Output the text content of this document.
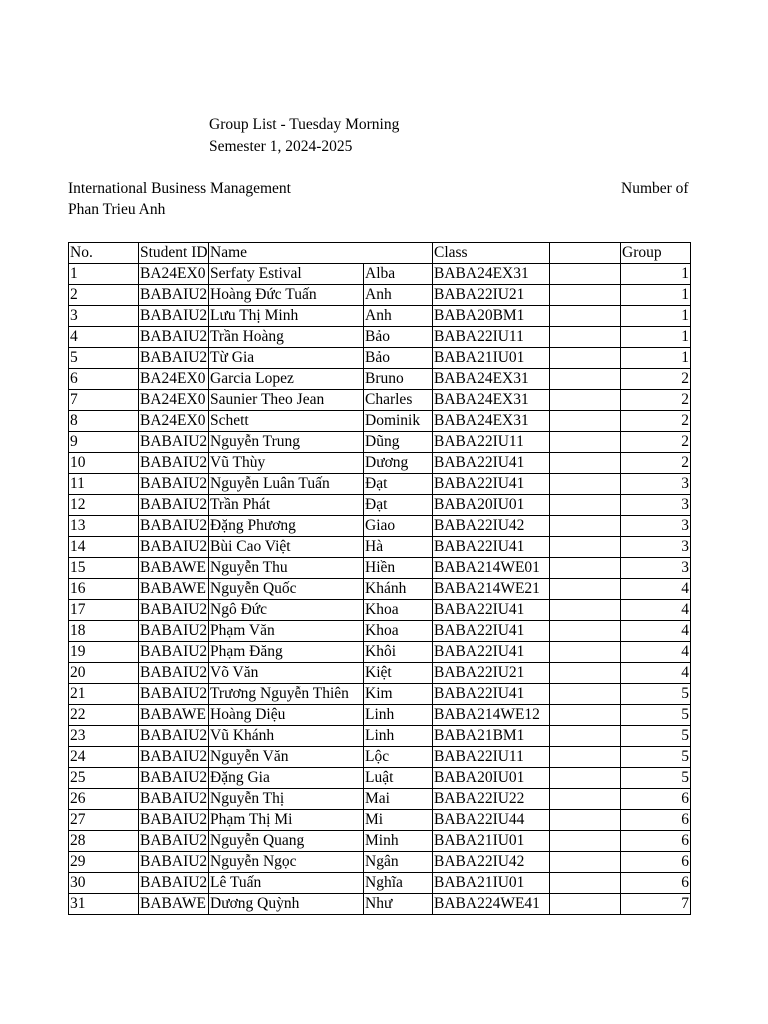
Group List - Tuesday Morning
Semester 1, 2024-2025
International Business Management
Phan Trieu Anh
Number of
No.	Student ID	Name		Class		Group
1	BA24EX0	Serfaty Estival	Alba	BABA24EX31		1
2	BABAIU2	Hoàng Đức Tuấn	Anh	BABA22IU21		1
3	BABAIU2	Lưu Thị Minh	Anh	BABA20BM1		1
4	BABAIU2	Trần Hoàng	Bảo	BABA22IU11		1
5	BABAIU2	Từ Gia	Bảo	BABA21IU01		1
6	BA24EX0	Garcia Lopez	Bruno	BABA24EX31		2
7	BA24EX0	Saunier Theo Jean	Charles	BABA24EX31		2
8	BA24EX0	Schett	Dominik	BABA24EX31		2
9	BABAIU2	Nguyễn Trung	Dũng	BABA22IU11		2
10	BABAIU2	Vũ Thùy	Dương	BABA22IU41		2
11	BABAIU2	Nguyễn Luân Tuấn	Đạt	BABA22IU41		3
12	BABAIU2	Trần Phát	Đạt	BABA20IU01		3
13	BABAIU2	Đặng Phương	Giao	BABA22IU42		3
14	BABAIU2	Bùi Cao Việt	Hà	BABA22IU41		3
15	BABAWE	Nguyễn Thu	Hiền	BABA214WE01		3
16	BABAWE	Nguyễn Quốc	Khánh	BABA214WE21		4
17	BABAIU2	Ngô Đức	Khoa	BABA22IU41		4
18	BABAIU2	Phạm Văn	Khoa	BABA22IU41		4
19	BABAIU2	Phạm Đăng	Khôi	BABA22IU41		4
20	BABAIU2	Võ Văn	Kiệt	BABA22IU21		4
21	BABAIU2	Trương Nguyễn Thiên	Kim	BABA22IU41		5
22	BABAWE	Hoàng Diệu	Linh	BABA214WE12		5
23	BABAIU2	Vũ Khánh	Linh	BABA21BM1		5
24	BABAIU2	Nguyễn Văn	Lộc	BABA22IU11		5
25	BABAIU2	Đặng Gia	Luật	BABA20IU01		5
26	BABAIU2	Nguyễn Thị	Mai	BABA22IU22		6
27	BABAIU2	Phạm Thị Mi	Mi	BABA22IU44		6
28	BABAIU2	Nguyễn Quang	Minh	BABA21IU01		6
29	BABAIU2	Nguyễn Ngọc	Ngân	BABA22IU42		6
30	BABAIU2	Lê Tuấn	Nghĩa	BABA21IU01		6
31	BABAWE	Dương Quỳnh	Như	BABA224WE41		7
